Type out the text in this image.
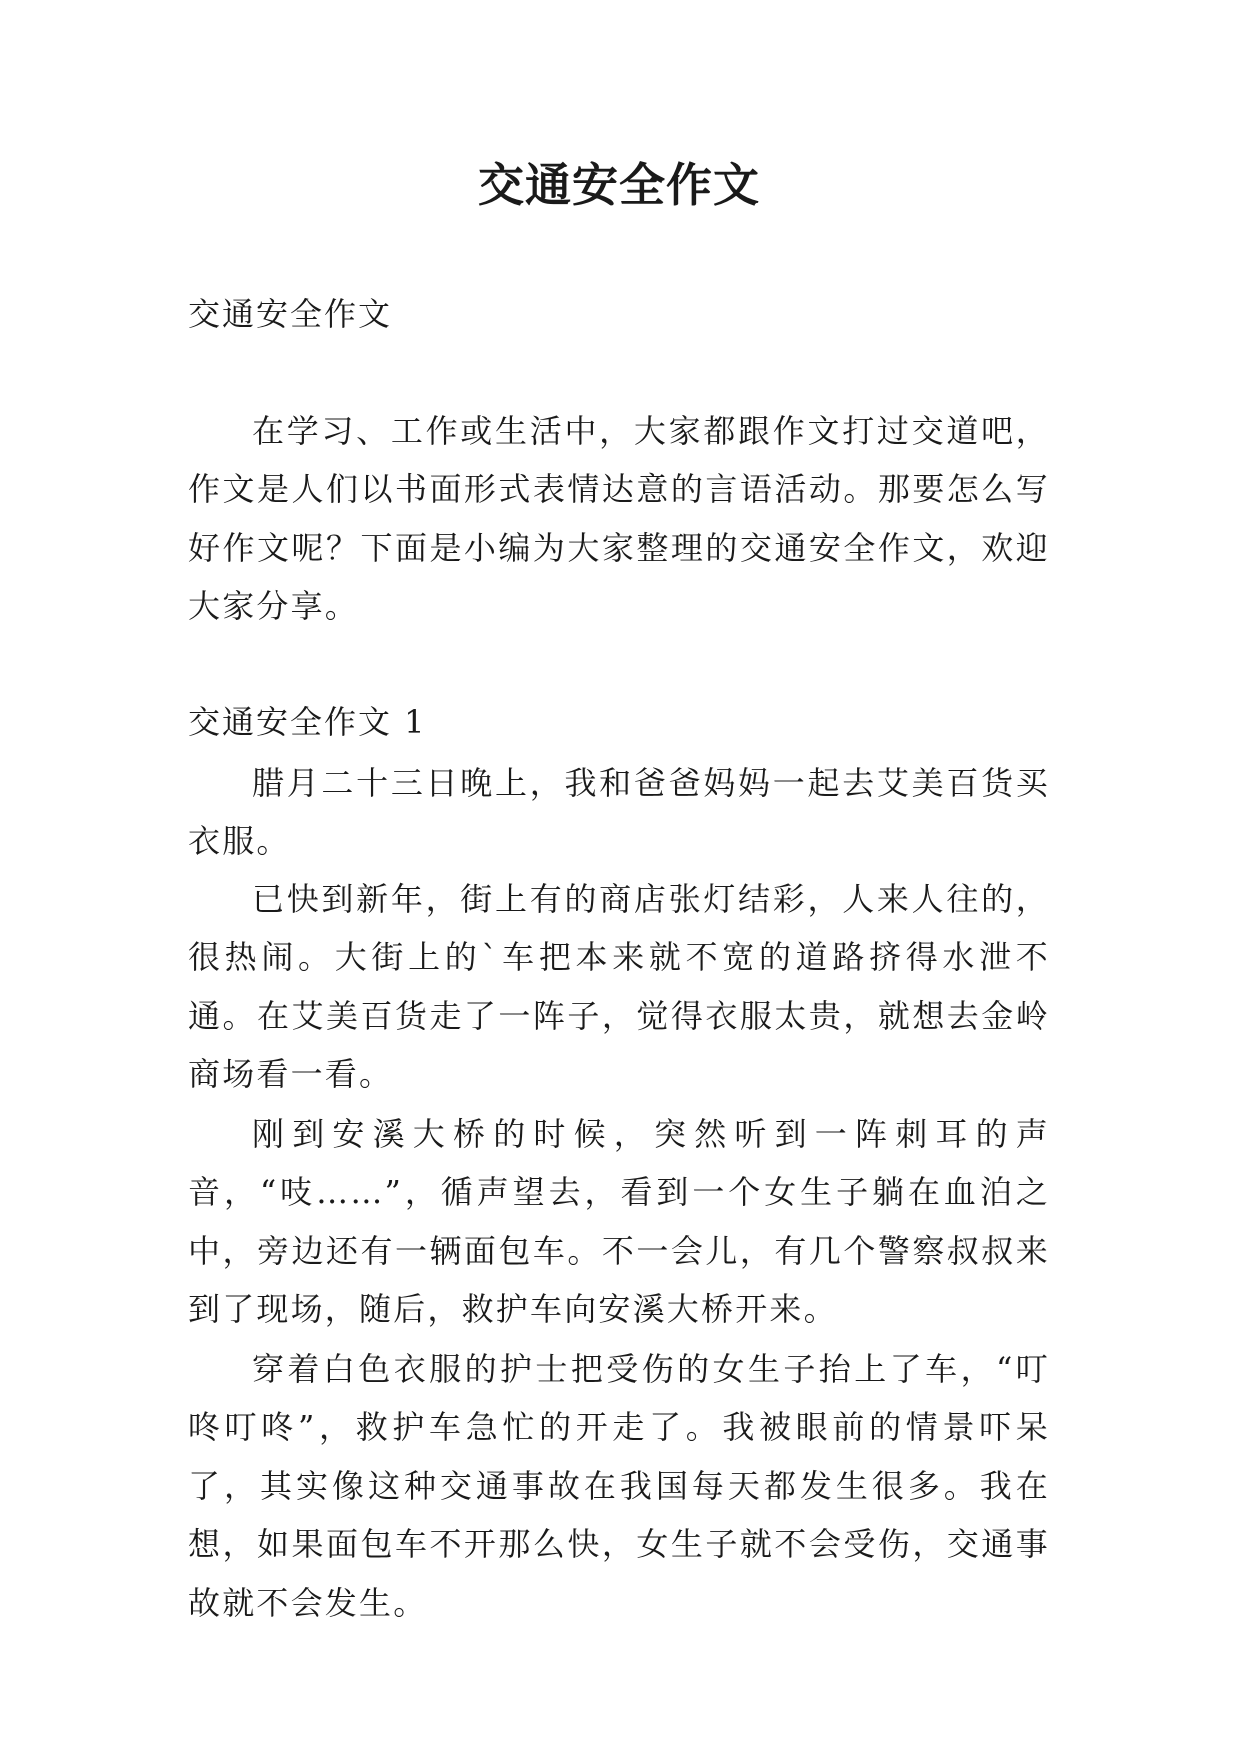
交通安全作文
交通安全作文

在学习、工作或生活中，大家都跟作文打过交道吧，作文是人们以书面形式表情达意的言语活动。那要怎么写好作文呢？下面是小编为大家整理的交通安全作文，欢迎大家分享。

交通安全作文 1

腊月二十三日晚上，我和爸爸妈妈一起去艾美百货买衣服。

已快到新年，街上有的商店张灯结彩，人来人往的，很热闹。大街上的`车把本来就不宽的道路挤得水泄不通。在艾美百货走了一阵子，觉得衣服太贵，就想去金岭商场看一看。

刚到安溪大桥的时候，突然听到一阵刺耳的声音，“吱……”，循声望去，看到一个女生子躺在血泊之中，旁边还有一辆面包车。不一会儿，有几个警察叔叔来到了现场，随后，救护车向安溪大桥开来。

穿着白色衣服的护士把受伤的女生子抬上了车，“叮咚叮咚”，救护车急忙的开走了。我被眼前的情景吓呆了，其实像这种交通事故在我国每天都发生很多。我在想，如果面包车不开那么快，女生子就不会受伤，交通事故就不会发生。
